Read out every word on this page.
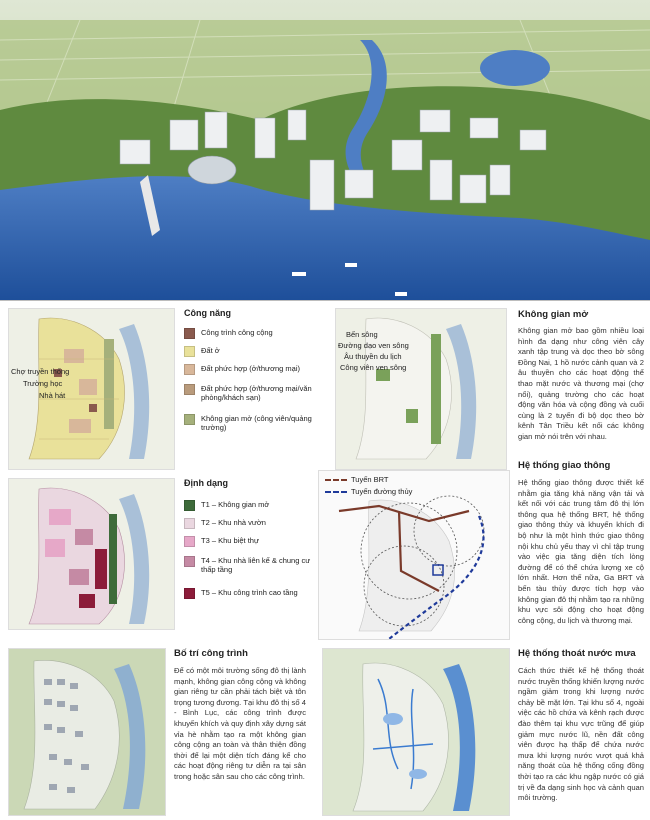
Chợ truyền thống
Trường học
Nhà hát
Công năng
Bến sông
Đường dạo ven sông
Âu thuyền du lịch
Công viên ven sông
Không gian mở
Không gian mở bao gồm nhiều loại hình đa dạng như công viên cây xanh tập trung và dọc theo bờ sông Đồng Nai, 1 hồ nước cảnh quan và 2 âu thuyền cho các hoạt động thể thao mặt nước và thương mại (chợ nổi), quảng trường cho các hoạt động văn hóa và cộng đồng và cuối cùng là 2 tuyến đi bộ dọc theo bờ kênh Tân Triều kết nối các không gian mở nói trên với nhau.
Định dạng	Tuyến BRT
Tuyến đường thủy
Hệ thống giao thông
Hệ thống giao thông được thiết kế nhằm gia tăng khả năng vận tải và kết nối với các trung tâm đô thị lớn thông qua hệ thống BRT, hệ thống giao thông thủy và khuyến khích đi bộ như là một hình thức giao thông nội khu chủ yếu thay vì chỉ tập trung vào việc gia tăng diện tích lòng đường để có thể chứa lượng xe cộ lớn nhất. Hơn thế nữa, Ga BRT và bến tàu thủy được tích hợp vào không gian đô thị nhằm tạo ra những khu vực sôi động cho hoạt động công cộng, du lịch và thương mại.
Bố trí công trình
Để có một môi trường sống đô thị lành mạnh, không gian công cộng và không gian riêng tư cần phải tách biệt và tôn trọng tương đương. Tại khu đô thị số 4 - Bình Lục, các công trình được khuyến khích và quy định xây dựng sát vỉa hè nhằm tạo ra một không gian công cộng an toàn và thân thiện đồng thời để lại một diện tích đáng kể cho các hoạt động riêng tư diễn ra tại sân trong hoặc sân sau cho các công trình.
Hệ thống thoát nước mưa
Cách thức thiết kế hệ thống thoát nước truyền thống khiến lượng nước ngầm giảm trong khi lượng nước chảy bề mặt lớn. Tại khu số 4, ngoài việc các hồ chứa và kênh rạch được đào thêm tại khu vực trũng để giúp giảm mực nước lũ, nền đất công viên được hạ thấp để chứa nước mưa khi lượng nước vượt quá khả năng thoát của hệ thống cống đồng thời tạo ra các khu ngập nước có giá trị về đa dạng sinh học và cảnh quan môi trường.
Công trình công cộng
Đất ở
Đất phức hợp (ở/thương mại)
Đất phức hợp (ở/thương mại/văn phòng/khách sạn)
Không gian mở (công viên/quảng trường)
T1 – Không gian mở
T2 – Khu nhà vườn
T3 – Khu biệt thự
T4 – Khu nhà liên kế & chung cư thấp tầng
T5 – Khu công trình cao tầng
